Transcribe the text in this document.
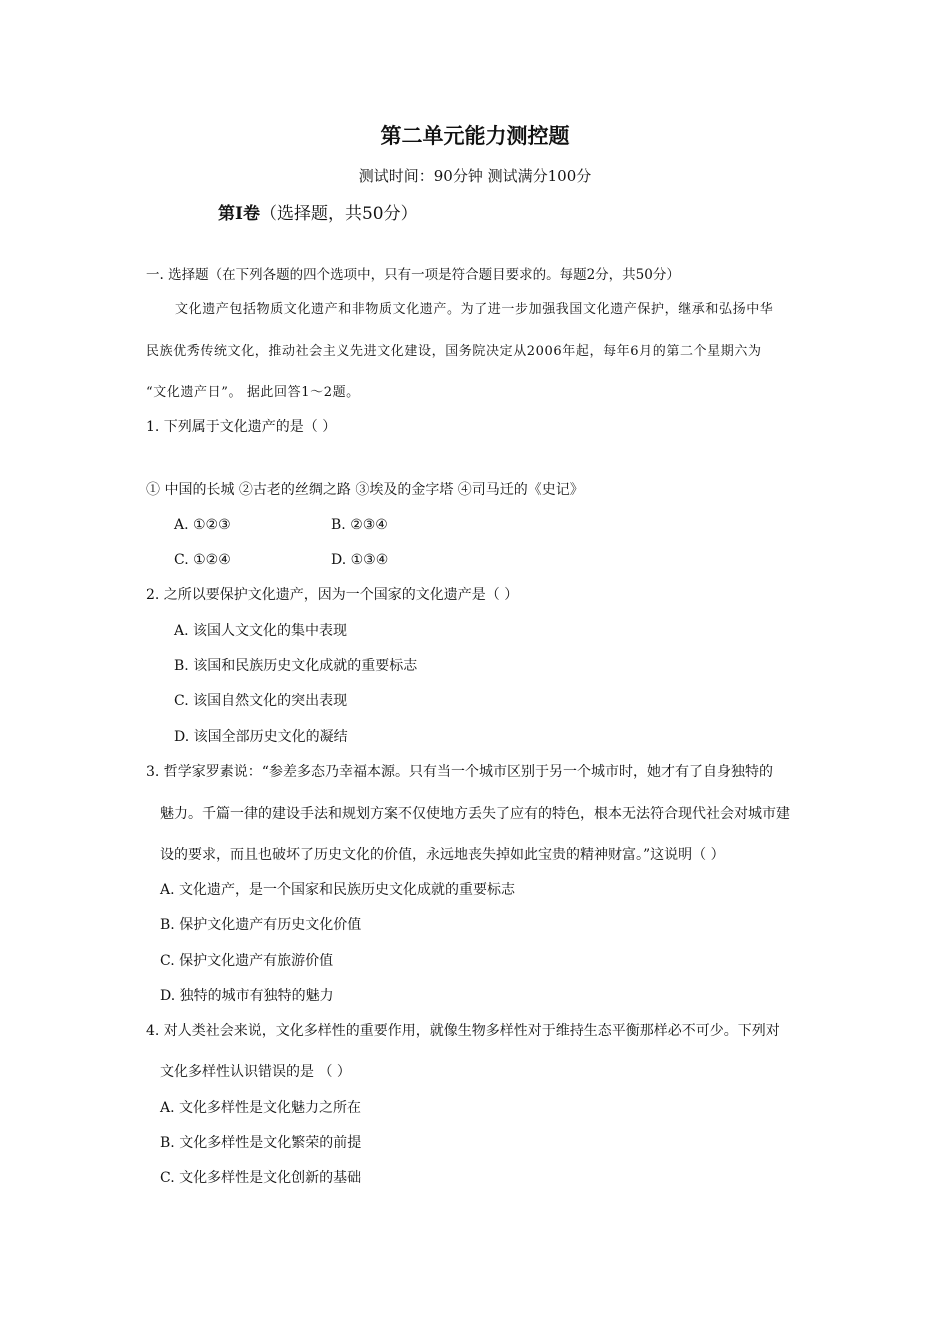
第二单元能力测控题
测试时间：90分钟 测试满分100分
第Ⅰ卷（选择题，共50分）
一. 选择题（在下列各题的四个选项中，只有一项是符合题目要求的。每题2分，共50分）
文化遗产包括物质文化遗产和非物质文化遗产。为了进一步加强我国文化遗产保护，继承和弘扬中华
民族优秀传统文化，推动社会主义先进文化建设，国务院决定从2006年起，每年6月的第二个星期六为
“文化遗产日”。 据此回答1～2题。
1. 下列属于文化遗产的是（ ）
① 中国的长城 ②古老的丝绸之路 ③埃及的金字塔 ④司马迁的《史记》
A. ①②③	B. ②③④
C. ①②④	D. ①③④
2. 之所以要保护文化遗产，因为一个国家的文化遗产是（ ）
A. 该国人文文化的集中表现
B. 该国和民族历史文化成就的重要标志
C. 该国自然文化的突出表现
D. 该国全部历史文化的凝结
3. 哲学家罗素说：“参差多态乃幸福本源。只有当一个城市区别于另一个城市时，她才有了自身独特的
魅力。千篇一律的建设手法和规划方案不仅使地方丢失了应有的特色，根本无法符合现代社会对城市建
设的要求，而且也破坏了历史文化的价值，永远地丧失掉如此宝贵的精神财富。”这说明（ ）
A. 文化遗产，是一个国家和民族历史文化成就的重要标志
B. 保护文化遗产有历史文化价值
C. 保护文化遗产有旅游价值
D. 独特的城市有独特的魅力
4. 对人类社会来说，文化多样性的重要作用，就像生物多样性对于维持生态平衡那样必不可少。下列对
文化多样性认识错误的是 （ ）
A. 文化多样性是文化魅力之所在
B. 文化多样性是文化繁荣的前提
C. 文化多样性是文化创新的基础
